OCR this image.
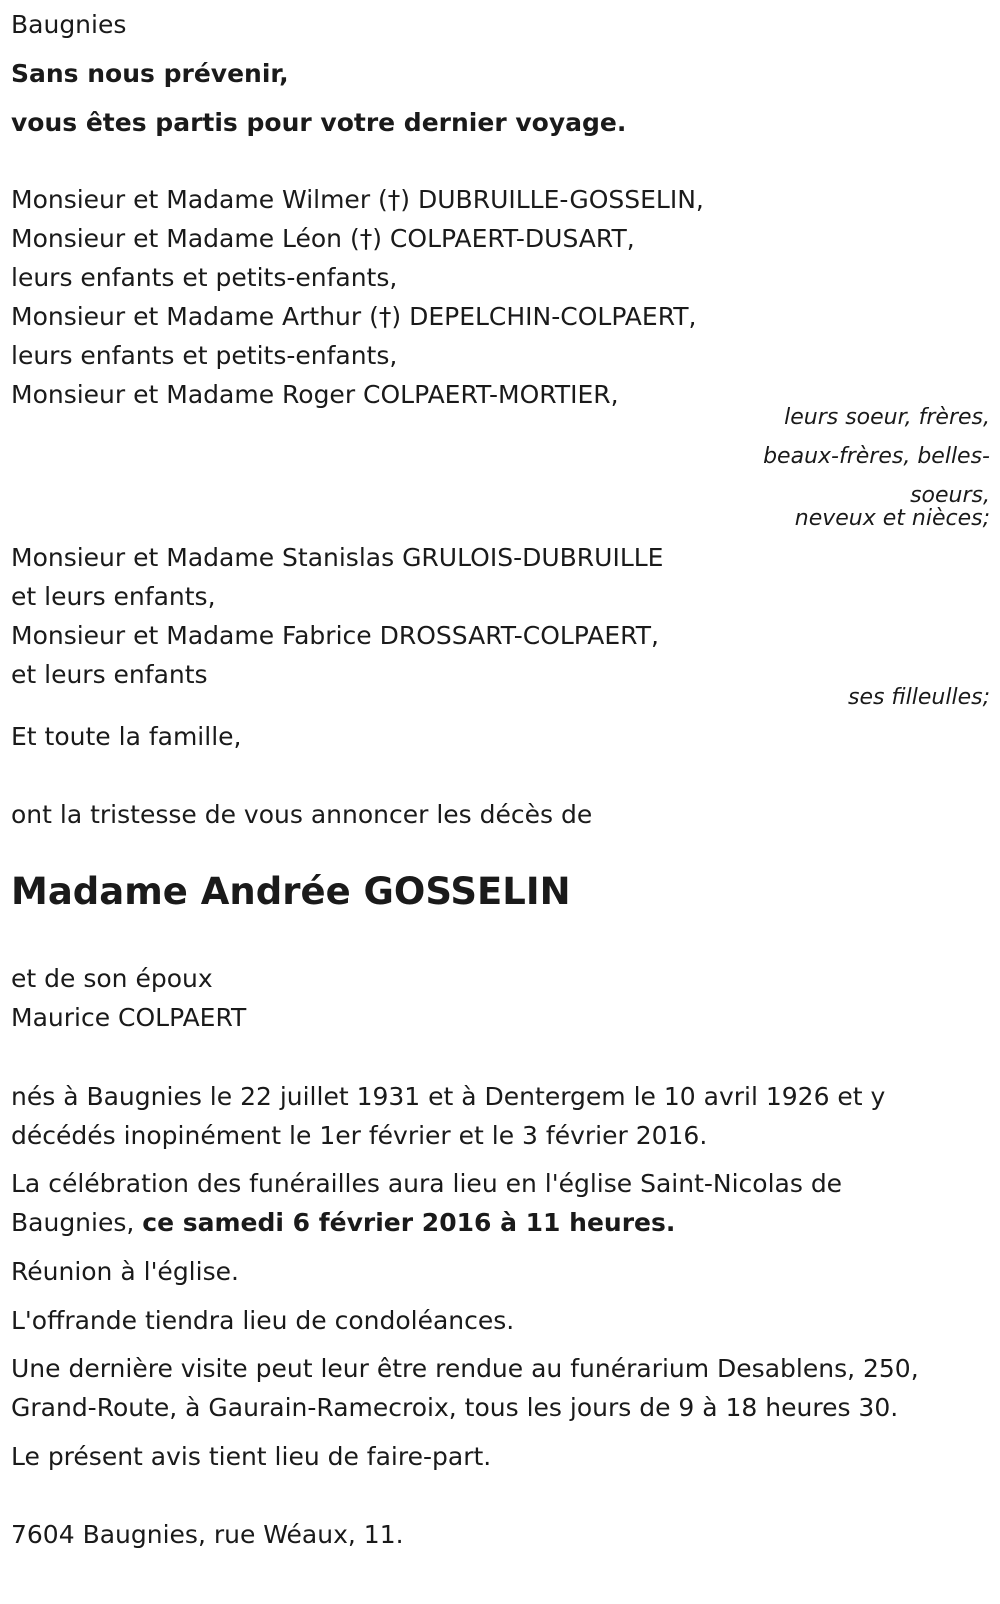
Baugnies
Sans nous prévenir,
vous êtes partis pour votre dernier voyage.
Monsieur et Madame Wilmer (†) DUBRUILLE-GOSSELIN,
Monsieur et Madame Léon (†) COLPAERT-DUSART,
leurs enfants et petits-enfants,
Monsieur et Madame Arthur (†) DEPELCHIN-COLPAERT,
leurs enfants et petits-enfants,
Monsieur et Madame Roger COLPAERT-MORTIER,
leurs soeur, frères,
beaux-frères, belles-
soeurs,
neveux et nièces;
Monsieur et Madame Stanislas GRULOIS-DUBRUILLE
et leurs enfants,
Monsieur et Madame Fabrice DROSSART-COLPAERT,
et leurs enfants
ses filleulles;
Et toute la famille,
ont la tristesse de vous annoncer les décès de
Madame Andrée GOSSELIN
et de son époux
Maurice COLPAERT
nés à Baugnies le 22 juillet 1931 et à Dentergem le 10 avril 1926 et y
décédés inopinément le 1er février et le 3 février 2016.
La célébration des funérailles aura lieu en l'église Saint-Nicolas de
Baugnies, ce samedi 6 février 2016 à 11 heures.
Réunion à l'église.
L'offrande tiendra lieu de condoléances.
Une dernière visite peut leur être rendue au funérarium Desablens, 250,
Grand-Route, à Gaurain-Ramecroix, tous les jours de 9 à 18 heures 30.
Le présent avis tient lieu de faire-part.
7604 Baugnies, rue Wéaux, 11.
